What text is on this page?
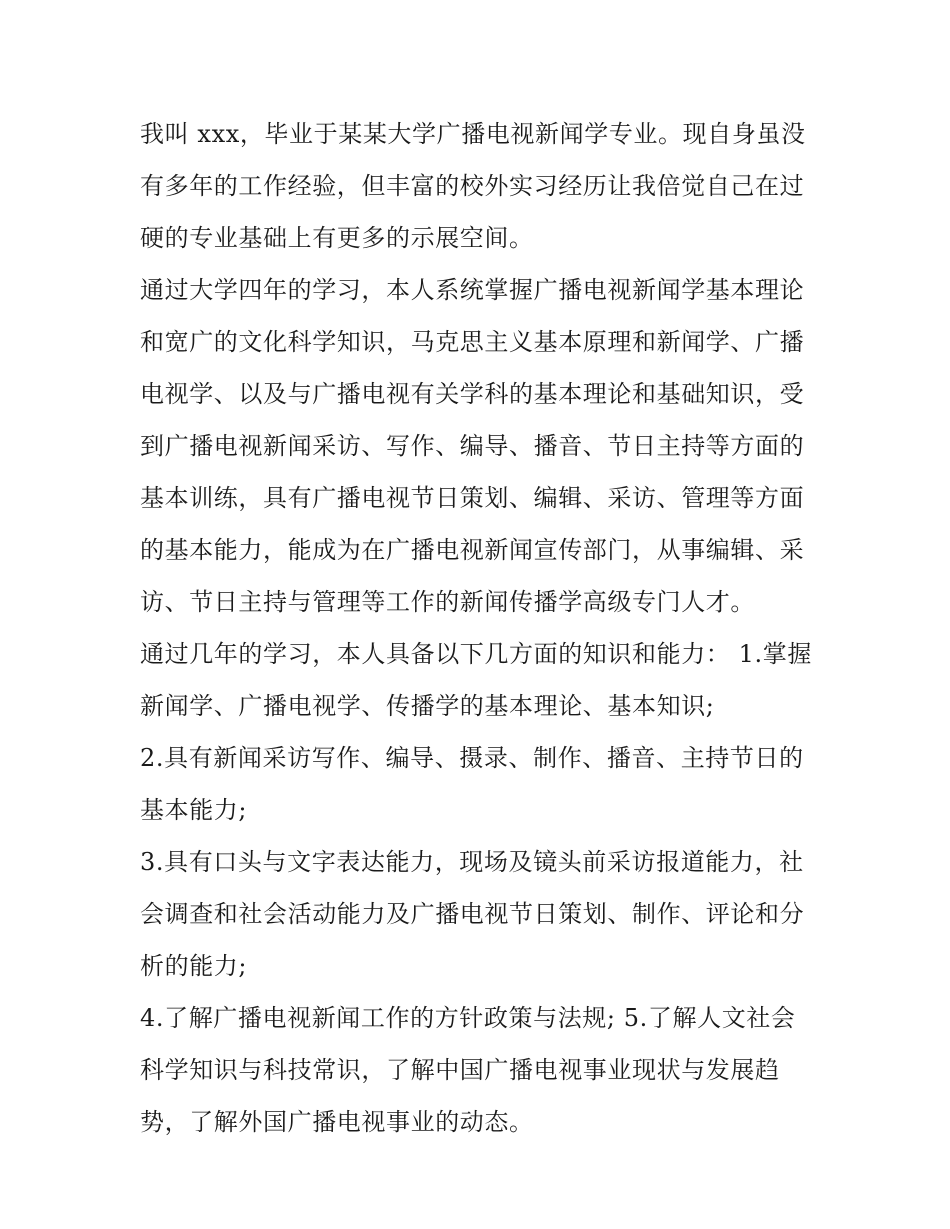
我叫 xxx，毕业于某某大学广播电视新闻学专业。现自身虽没有多年的工作经验，但丰富的校外实习经历让我倍觉自己在过硬的专业基础上有更多的示展空间。

通过大学四年的学习，本人系统掌握广播电视新闻学基本理论和宽广的文化科学知识，马克思主义基本原理和新闻学、广播电视学、以及与广播电视有关学科的基本理论和基础知识，受到广播电视新闻采访、写作、编导、播音、节日主持等方面的基本训练，具有广播电视节日策划、编辑、采访、管理等方面的基本能力，能成为在广播电视新闻宣传部门，从事编辑、采访、节日主持与管理等工作的新闻传播学高级专门人才。

通过几年的学习，本人具备以下几方面的知识和能力： 1.掌握新闻学、广播电视学、传播学的基本理论、基本知识;

2.具有新闻采访写作、编导、摄录、制作、播音、主持节日的基本能力;

3.具有口头与文字表达能力，现场及镜头前采访报道能力，社会调查和社会活动能力及广播电视节日策划、制作、评论和分析的能力;

4.了解广播电视新闻工作的方针政策与法规; 5.了解人文社会科学知识与科技常识，了解中国广播电视事业现状与发展趋势，了解外国广播电视事业的动态。
